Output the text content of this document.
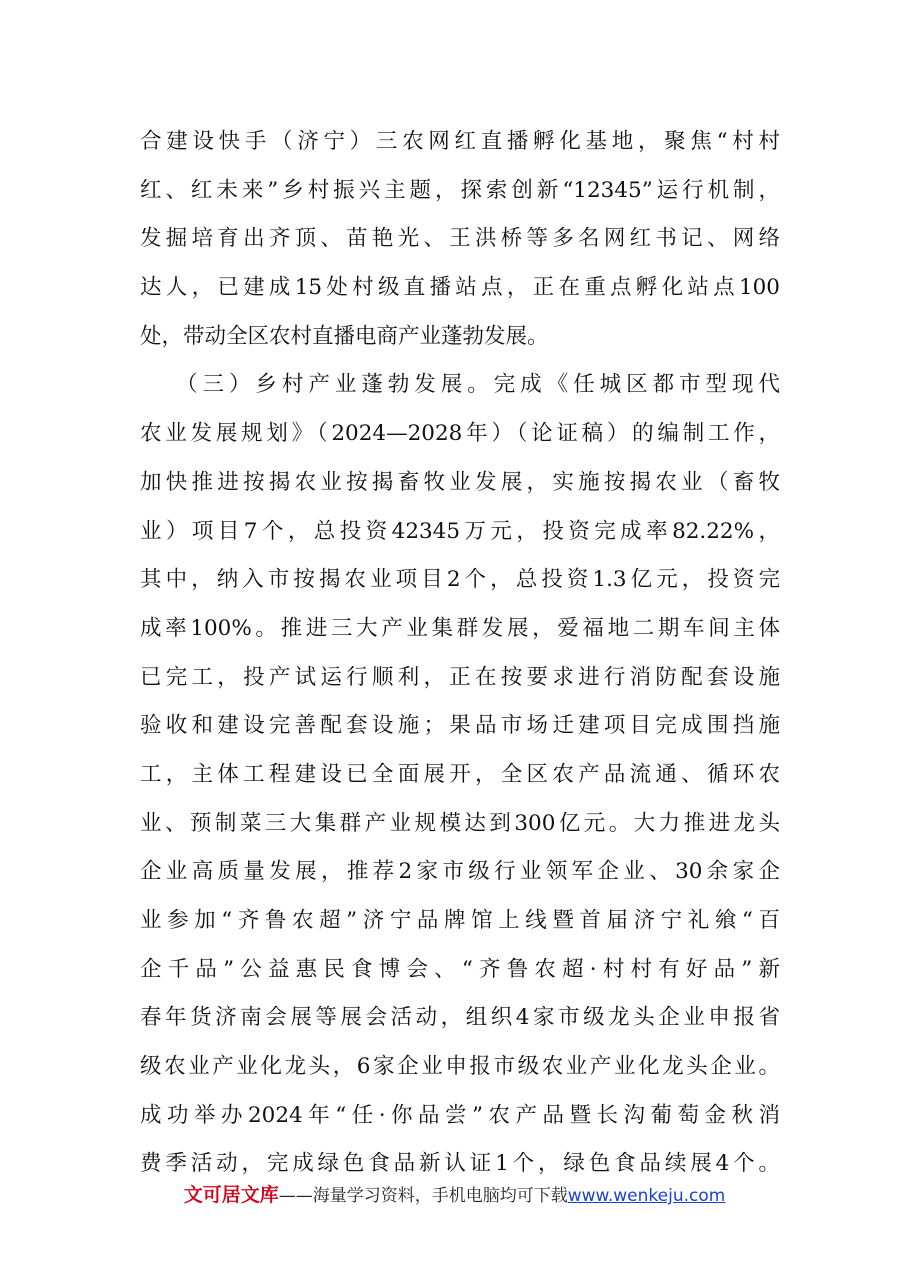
合建设快手（济宁）三农网红直播孵化基地，聚焦“村村
红、红未来”乡村振兴主题，探索创新“12345”运行机制，
发掘培育出齐顶、苗艳光、王洪桥等多名网红书记、网络
达人，已建成15处村级直播站点，正在重点孵化站点100
处，带动全区农村直播电商产业蓬勃发展。
（三）乡村产业蓬勃发展。完成《任城区都市型现代
农业发展规划》（2024—2028年）（论证稿）的编制工作，
加快推进按揭农业按揭畜牧业发展，实施按揭农业（畜牧
业）项目7个，总投资42345万元，投资完成率82.22%，
其中，纳入市按揭农业项目2个，总投资1.3亿元，投资完
成率100%。推进三大产业集群发展，爱福地二期车间主体
已完工，投产试运行顺利，正在按要求进行消防配套设施
验收和建设完善配套设施；果品市场迁建项目完成围挡施
工，主体工程建设已全面展开，全区农产品流通、循环农
业、预制菜三大集群产业规模达到300亿元。大力推进龙头
企业高质量发展，推荐2家市级行业领军企业、30余家企
业参加“齐鲁农超”济宁品牌馆上线暨首届济宁礼飨“百
企千品”公益惠民食博会、“齐鲁农超·村村有好品”新
春年货济南会展等展会活动，组织4家市级龙头企业申报省
级农业产业化龙头，6家企业申报市级农业产业化龙头企业。
成功举办2024年“任·你品尝”农产品暨长沟葡萄金秋消
费季活动，完成绿色食品新认证1个，绿色食品续展4个。
文可居文库——海量学习资料，手机电脑均可下载www.wenkeju.com
